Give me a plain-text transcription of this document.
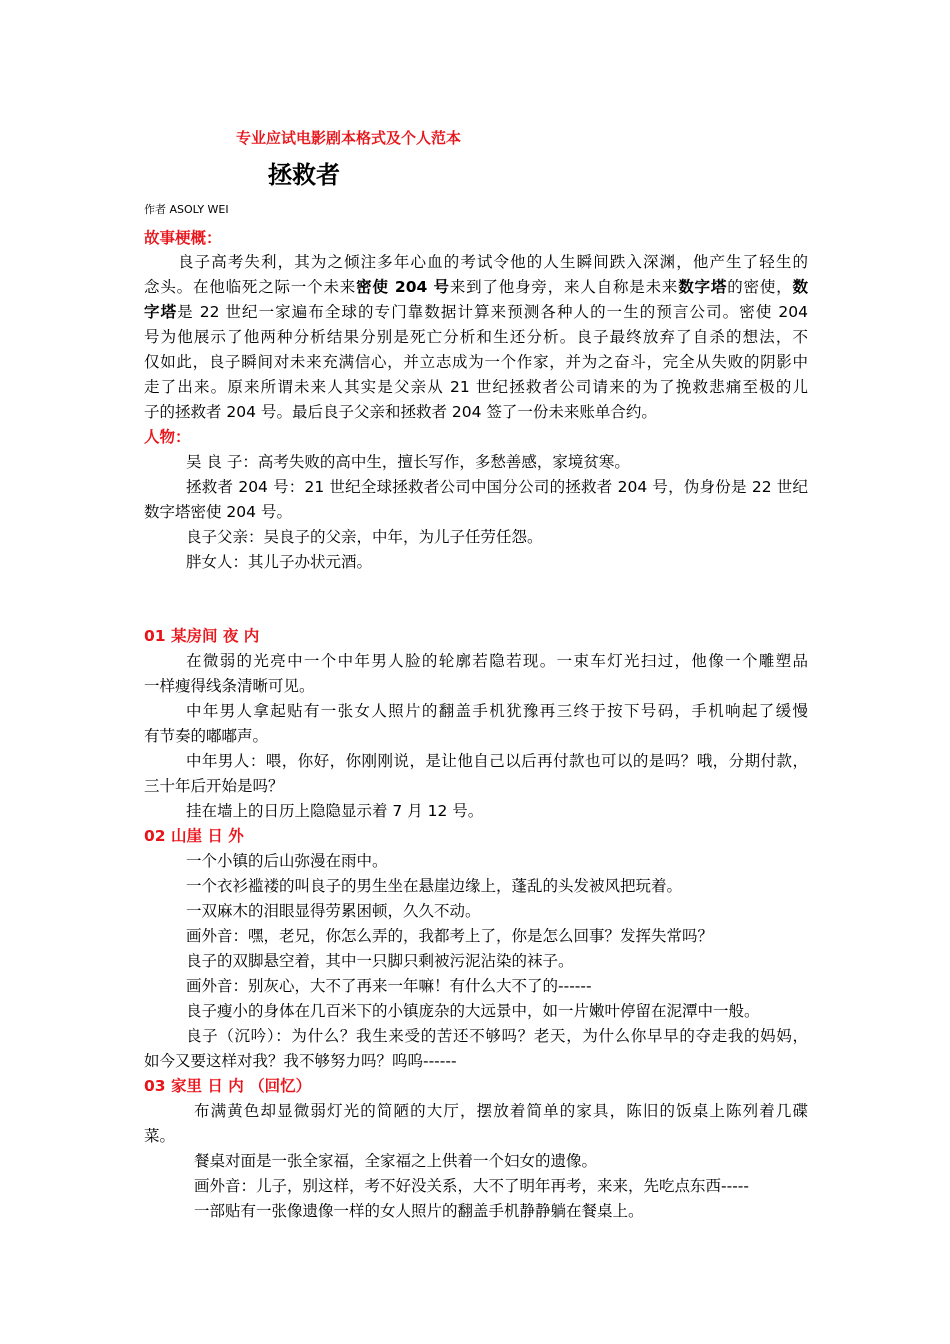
专业应试电影剧本格式及个人范本
拯救者
作者 ASOLY WEI
故事梗概：
良子高考失利，其为之倾注多年心血的考试令他的人生瞬间跌入深渊，他产生了轻生的
念头。在他临死之际一个未来密使 204 号来到了他身旁，来人自称是未来数字塔的密使，数
字塔是 22 世纪一家遍布全球的专门靠数据计算来预测各种人的一生的预言公司。密使 204
号为他展示了他两种分析结果分别是死亡分析和生还分析。良子最终放弃了自杀的想法，不
仅如此，良子瞬间对未来充满信心，并立志成为一个作家，并为之奋斗，完全从失败的阴影中
走了出来。原来所谓未来人其实是父亲从 21 世纪拯救者公司请来的为了挽救悲痛至极的儿
子的拯救者 204 号。最后良子父亲和拯救者 204 签了一份未来账单合约。
人物：
吴 良 子：高考失败的高中生，擅长写作，多愁善感，家境贫寒。
拯救者 204 号：21 世纪全球拯救者公司中国分公司的拯救者 204 号，伪身份是 22 世纪
数字塔密使 204 号。
良子父亲：吴良子的父亲，中年，为儿子任劳任怨。
胖女人：其儿子办状元酒。
01 某房间 夜 内
在微弱的光亮中一个中年男人脸的轮廓若隐若现。一束车灯光扫过，他像一个雕塑品
一样瘦得线条清晰可见。
中年男人拿起贴有一张女人照片的翻盖手机犹豫再三终于按下号码，手机响起了缓慢
有节奏的嘟嘟声。
中年男人：喂，你好，你刚刚说，是让他自己以后再付款也可以的是吗？哦，分期付款，
三十年后开始是吗？
挂在墙上的日历上隐隐显示着 7 月 12 号。
02 山崖 日 外
一个小镇的后山弥漫在雨中。
一个衣衫褴褛的叫良子的男生坐在悬崖边缘上，蓬乱的头发被风把玩着。
一双麻木的泪眼显得劳累困顿，久久不动。
画外音：嘿，老兄，你怎么弄的，我都考上了，你是怎么回事？发挥失常吗？
良子的双脚悬空着，其中一只脚只剩被污泥沾染的袜子。
画外音：别灰心，大不了再来一年嘛！有什么大不了的------
良子瘦小的身体在几百米下的小镇庞杂的大远景中，如一片嫩叶停留在泥潭中一般。
良子（沉吟）：为什么？我生来受的苦还不够吗？老天，为什么你早早的夺走我的妈妈，
如今又要这样对我？我不够努力吗？呜呜------
03 家里 日 内 （回忆）
布满黄色却显微弱灯光的简陋的大厅，摆放着简单的家具，陈旧的饭桌上陈列着几碟
菜。
餐桌对面是一张全家福，全家福之上供着一个妇女的遗像。
画外音：儿子，别这样，考不好没关系，大不了明年再考，来来，先吃点东西-----
一部贴有一张像遗像一样的女人照片的翻盖手机静静躺在餐桌上。
